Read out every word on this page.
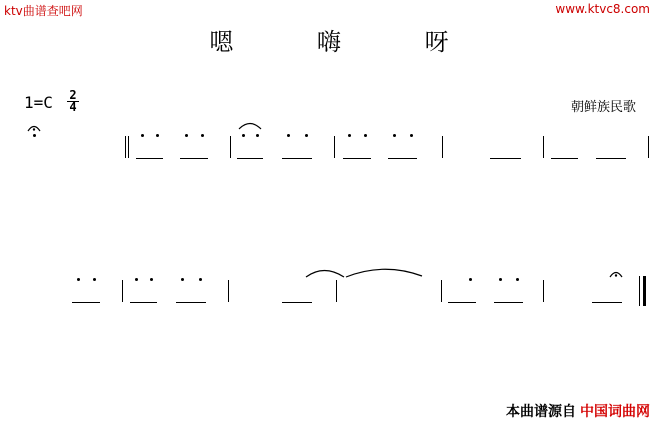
ktv曲谱查吧网	www.ktvc8.com
嗯 嗨 呀
1=C 2
4	朝鲜族民歌
本曲谱源自 中国词曲网
